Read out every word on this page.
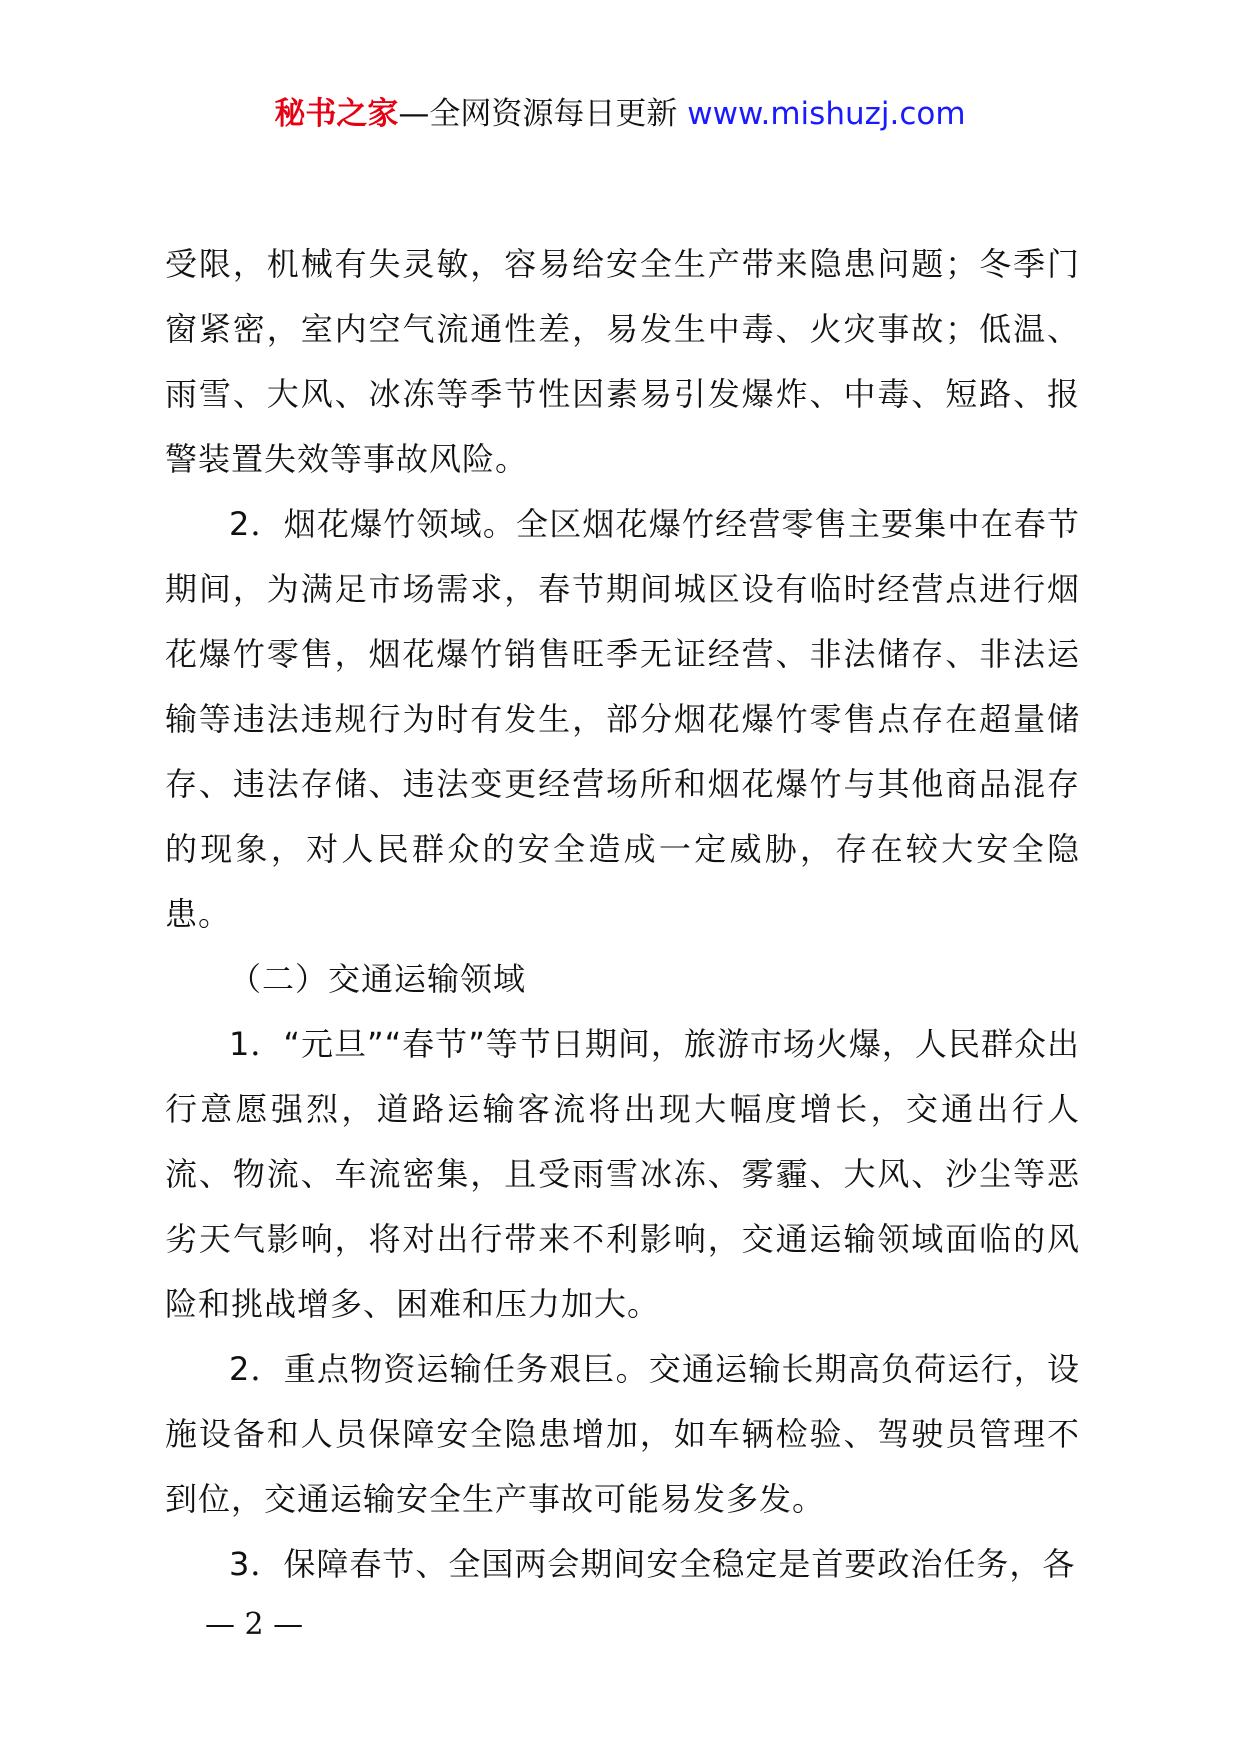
秘书之家—全网资源每日更新 www.mishuzj.com

受限，机械有失灵敏，容易给安全生产带来隐患问题；冬季门窗紧密，室内空气流通性差，易发生中毒、火灾事故；低温、雨雪、大风、冰冻等季节性因素易引发爆炸、中毒、短路、报警装置失效等事故风险。

2．烟花爆竹领域。全区烟花爆竹经营零售主要集中在春节期间，为满足市场需求，春节期间城区设有临时经营点进行烟花爆竹零售，烟花爆竹销售旺季无证经营、非法储存、非法运输等违法违规行为时有发生，部分烟花爆竹零售点存在超量储存、违法存储、违法变更经营场所和烟花爆竹与其他商品混存的现象，对人民群众的安全造成一定威胁，存在较大安全隐患。

（二）交通运输领域

1．“元旦”“春节”等节日期间，旅游市场火爆，人民群众出行意愿强烈，道路运输客流将出现大幅度增长，交通出行人流、物流、车流密集，且受雨雪冰冻、雾霾、大风、沙尘等恶劣天气影响，将对出行带来不利影响，交通运输领域面临的风险和挑战增多、困难和压力加大。

2．重点物资运输任务艰巨。交通运输长期高负荷运行，设施设备和人员保障安全隐患增加，如车辆检验、驾驶员管理不到位，交通运输安全生产事故可能易发多发。

3．保障春节、全国两会期间安全稳定是首要政治任务，各

— 2 —
